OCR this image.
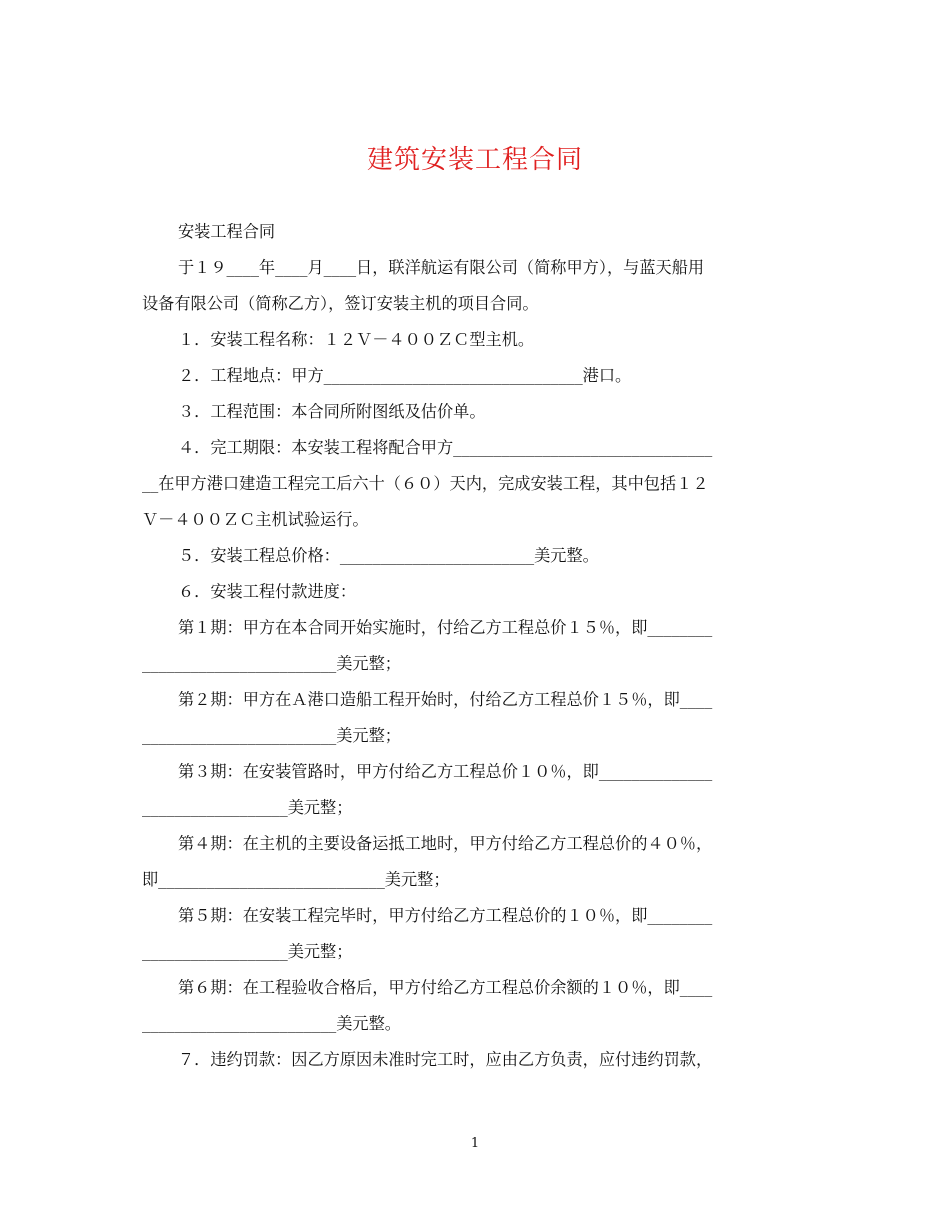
建筑安装工程合同
安装工程合同
于１９____年____月____日，联洋航运有限公司（简称甲方），与蓝天船用
设备有限公司（简称乙方），签订安装主机的项目合同。
１．安装工程名称：１２Ｖ－４００ＺＣ型主机。
２．工程地点：甲方________________________________港口。
３．工程范围：本合同所附图纸及估价单。
４．完工期限：本安装工程将配合甲方________________________________
__在甲方港口建造工程完工后六十（６０）天内，完成安装工程，其中包括１２
Ｖ－４００ＺＣ主机试验运行。
５．安装工程总价格：________________________美元整。
６．安装工程付款进度：
第１期：甲方在本合同开始实施时，付给乙方工程总价１５％，即________
________________________美元整；
第２期：甲方在Ａ港口造船工程开始时，付给乙方工程总价１５％，即____
________________________美元整；
第３期：在安装管路时，甲方付给乙方工程总价１０％，即______________
__________________美元整；
第４期：在主机的主要设备运抵工地时，甲方付给乙方工程总价的４０％，
即____________________________美元整；
第５期：在安装工程完毕时，甲方付给乙方工程总价的１０％，即________
__________________美元整；
第６期：在工程验收合格后，甲方付给乙方工程总价余额的１０％，即____
________________________美元整。
７．违约罚款：因乙方原因未准时完工时，应由乙方负责，应付违约罚款，
1
